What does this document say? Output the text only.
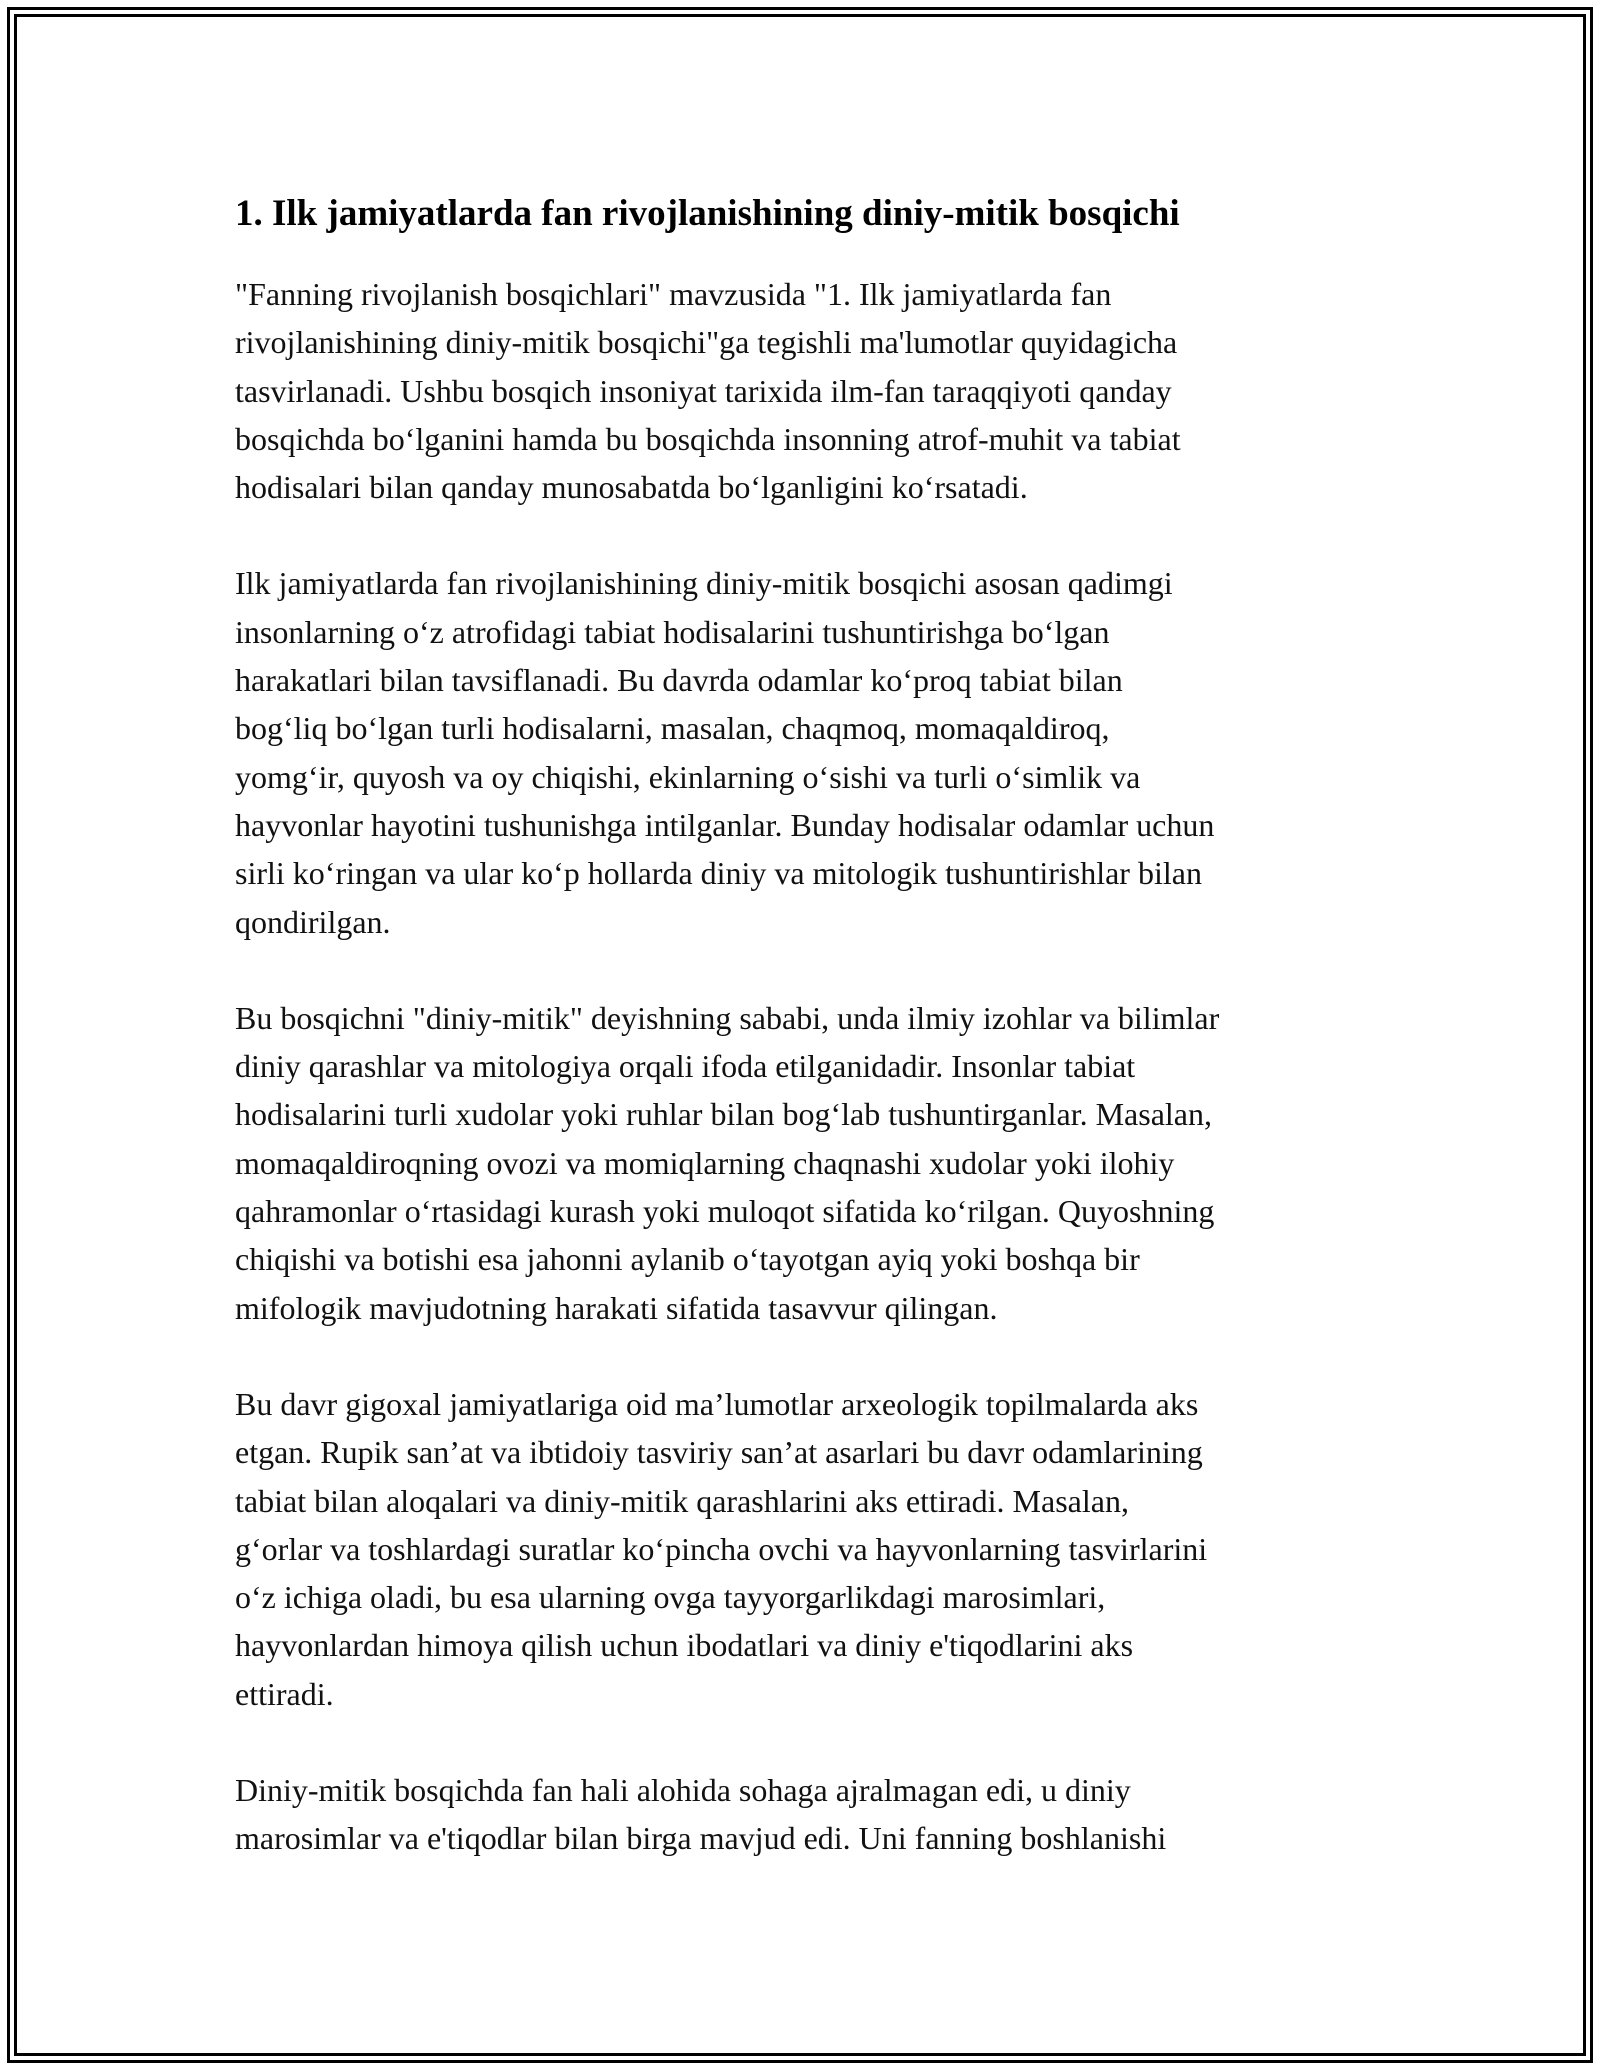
1. Ilk jamiyatlarda fan rivojlanishining diniy-mitik bosqichi

"Fanning rivojlanish bosqichlari" mavzusida "1. Ilk jamiyatlarda fan
rivojlanishining diniy-mitik bosqichi"ga tegishli ma'lumotlar quyidagicha
tasvirlanadi. Ushbu bosqich insoniyat tarixida ilm-fan taraqqiyoti qanday
bosqichda bo‘lganini hamda bu bosqichda insonning atrof-muhit va tabiat
hodisalari bilan qanday munosabatda bo‘lganligini ko‘rsatadi.

Ilk jamiyatlarda fan rivojlanishining diniy-mitik bosqichi asosan qadimgi
insonlarning o‘z atrofidagi tabiat hodisalarini tushuntirishga bo‘lgan
harakatlari bilan tavsiflanadi. Bu davrda odamlar ko‘proq tabiat bilan
bog‘liq bo‘lgan turli hodisalarni, masalan, chaqmoq, momaqaldiroq,
yomg‘ir, quyosh va oy chiqishi, ekinlarning o‘sishi va turli o‘simlik va
hayvonlar hayotini tushunishga intilganlar. Bunday hodisalar odamlar uchun
sirli ko‘ringan va ular ko‘p hollarda diniy va mitologik tushuntirishlar bilan
qondirilgan.

Bu bosqichni "diniy-mitik" deyishning sababi, unda ilmiy izohlar va bilimlar
diniy qarashlar va mitologiya orqali ifoda etilganidadir. Insonlar tabiat
hodisalarini turli xudolar yoki ruhlar bilan bog‘lab tushuntirganlar. Masalan,
momaqaldiroqning ovozi va momiqlarning chaqnashi xudolar yoki ilohiy
qahramonlar o‘rtasidagi kurash yoki muloqot sifatida ko‘rilgan. Quyoshning
chiqishi va botishi esa jahonni aylanib o‘tayotgan ayiq yoki boshqa bir
mifologik mavjudotning harakati sifatida tasavvur qilingan.

Bu davr gigoxal jamiyatlariga oid ma’lumotlar arxeologik topilmalarda aks
etgan. Rupik san’at va ibtidoiy tasviriy san’at asarlari bu davr odamlarining
tabiat bilan aloqalari va diniy-mitik qarashlarini aks ettiradi. Masalan,
g‘orlar va toshlardagi suratlar ko‘pincha ovchi va hayvonlarning tasvirlarini
o‘z ichiga oladi, bu esa ularning ovga tayyorgarlikdagi marosimlari,
hayvonlardan himoya qilish uchun ibodatlari va diniy e'tiqodlarini aks
ettiradi.

Diniy-mitik bosqichda fan hali alohida sohaga ajralmagan edi, u diniy
marosimlar va e'tiqodlar bilan birga mavjud edi. Uni fanning boshlanishi
